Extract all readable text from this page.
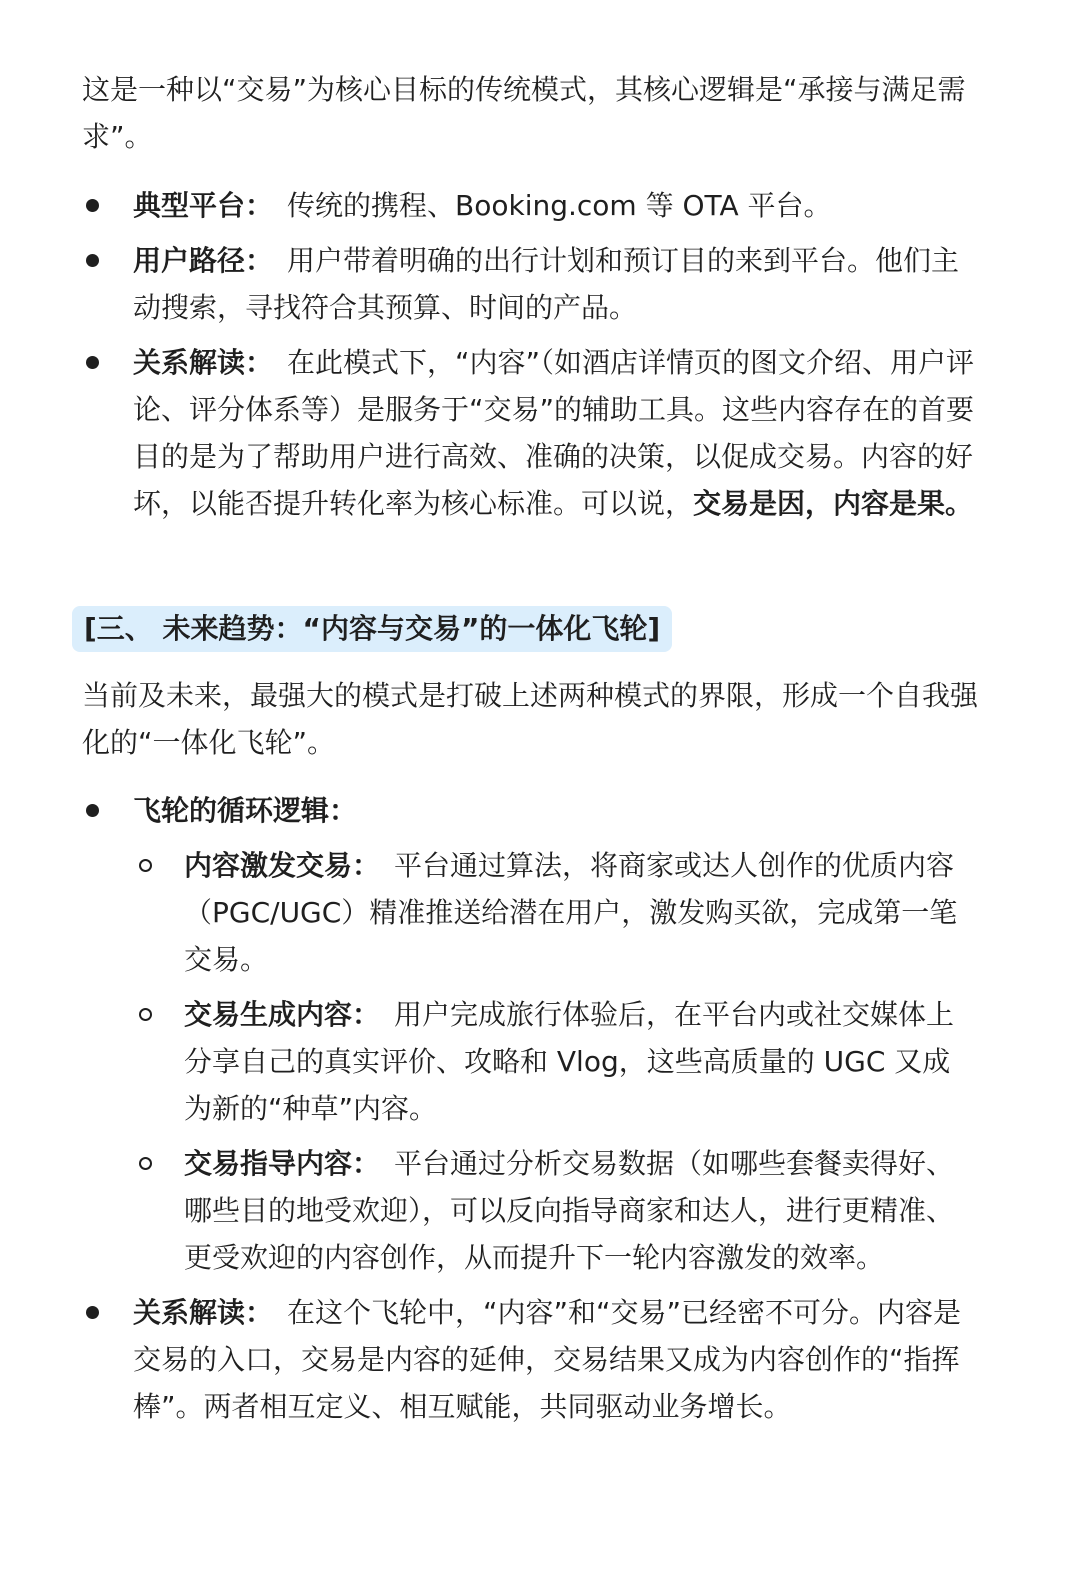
这是一种以“交易”为核心目标的传统模式，其核心逻辑是“承接与满足需求”。

典型平台： 传统的携程、Booking.com 等 OTA 平台。
用户路径： 用户带着明确的出行计划和预订目的来到平台。他们主动搜索，寻找符合其预算、时间的产品。
关系解读： 在此模式下，“内容”（如酒店详情页的图文介绍、用户评论、评分体系等）是服务于“交易”的辅助工具。这些内容存在的首要目的是为了帮助用户进行高效、准确的决策，以促成交易。内容的好坏，以能否提升转化率为核心标准。可以说，交易是因，内容是果。
[三、 未来趋势：“内容与交易”的一体化飞轮]

当前及未来，最强大的模式是打破上述两种模式的界限，形成一个自我强化的“一体化飞轮”。

飞轮的循环逻辑：
内容激发交易： 平台通过算法，将商家或达人创作的优质内容（PGC/UGC）精准推送给潜在用户，激发购买欲，完成第一笔交易。
交易生成内容： 用户完成旅行体验后，在平台内或社交媒体上分享自己的真实评价、攻略和 Vlog，这些高质量的 UGC 又成为新的“种草”内容。
交易指导内容： 平台通过分析交易数据（如哪些套餐卖得好、哪些目的地受欢迎），可以反向指导商家和达人，进行更精准、更受欢迎的内容创作，从而提升下一轮内容激发的效率。
关系解读： 在这个飞轮中，“内容”和“交易”已经密不可分。内容是交易的入口，交易是内容的延伸，交易结果又成为内容创作的“指挥棒”。两者相互定义、相互赋能，共同驱动业务增长。
